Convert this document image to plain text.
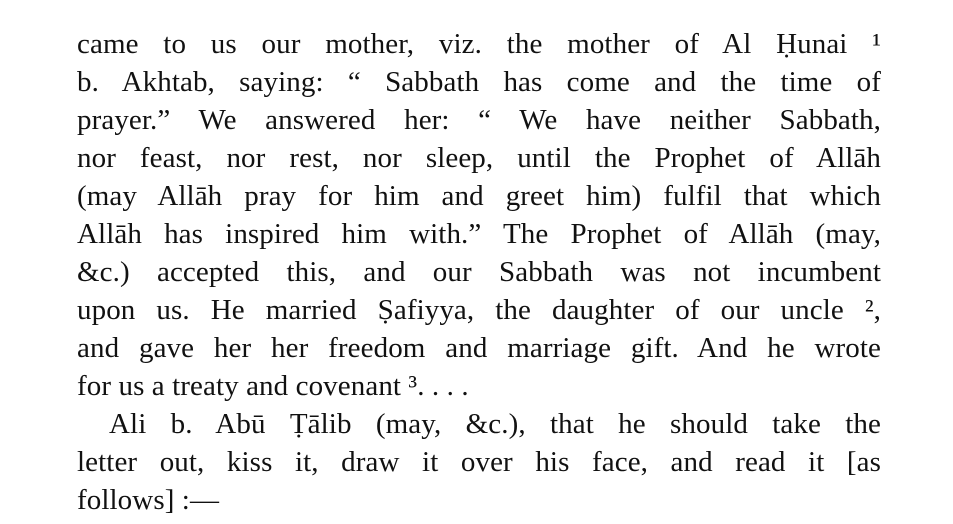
came to us our mother, viz. the mother of Al Ḥunai ¹
b. Akhtab, saying: “ Sabbath has come and the time of
prayer.” We answered her: “ We have neither Sabbath,
nor feast, nor rest, nor sleep, until the Prophet of Allāh
(may Allāh pray for him and greet him) fulfil that which
Allāh has inspired him with.” The Prophet of Allāh (may,
&c.) accepted this, and our Sabbath was not incumbent
upon us. He married Ṣafiyya, the daughter of our uncle ²,
and gave her her freedom and marriage gift. And he wrote
for us a treaty and covenant ³. . . .
Ali b. Abū Ṭālib (may, &c.), that he should take the
letter out, kiss it, draw it over his face, and read it [as
follows] :—
